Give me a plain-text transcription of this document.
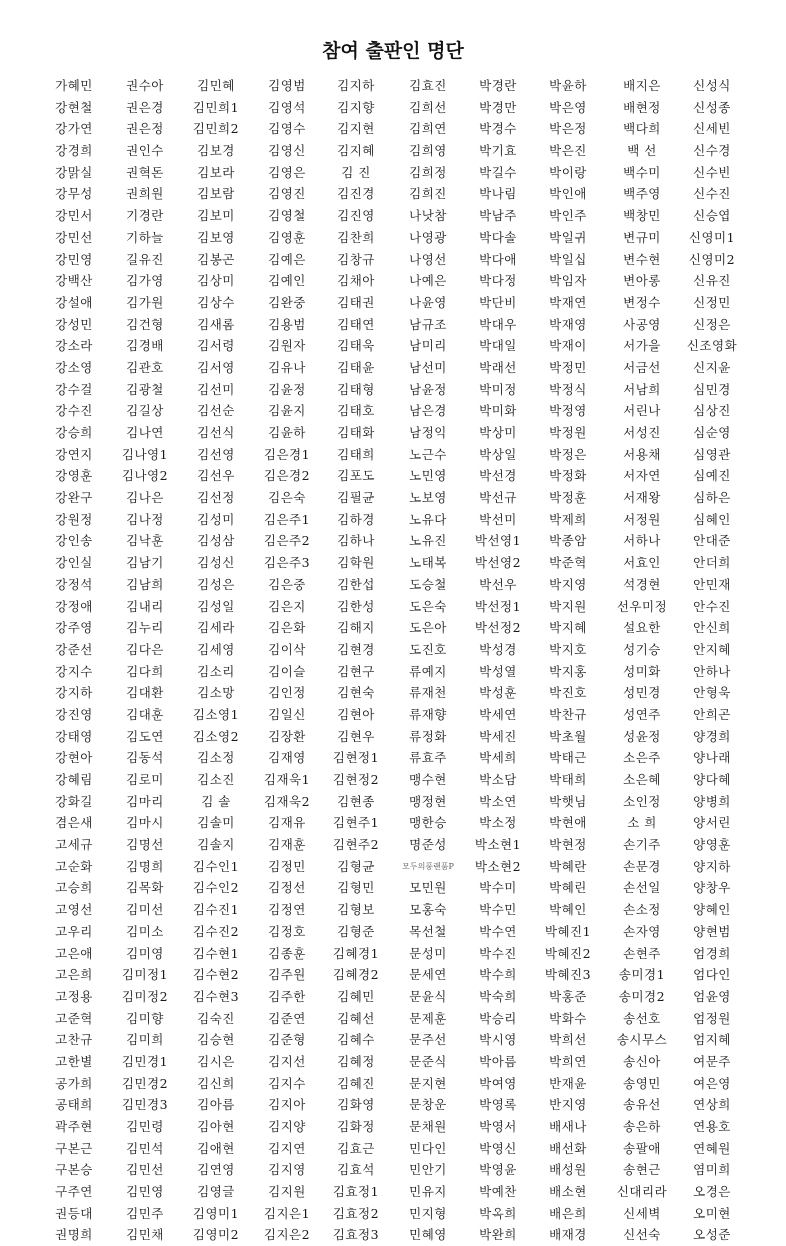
참여 출판인 명단
가혜민	권수아	김민혜	김영범	김지하	김효진	박경란	박윤하	배지은	신성식
강현철	권은경	김민희1	김영석	김지향	김희선	박경만	박은영	배현정	신성종
강가연	권은정	김민희2	김영수	김지현	김희연	박경수	박은정	백다희	신세빈
강경희	권인수	김보경	김영신	김지혜	김희영	박기효	박은진	백 선	신수경
강맑실	권혁돈	김보라	김영은	김 진	김희정	박길수	박이랑	백수미	신수빈
강무성	권희원	김보람	김영진	김진경	김희진	박나림	박인애	백주영	신수진
강민서	기경란	김보미	김영철	김진영	나낫참	박남주	박인주	백창민	신승엽
강민선	기하늘	김보영	김영훈	김찬희	나영광	박다솔	박일귀	변규미	신영미1
강민영	길유진	김봉곤	김예은	김창규	나영선	박다애	박일십	변수현	신영미2
강백산	김가영	김상미	김예인	김채아	나예은	박다정	박임자	변아롱	신유진
강설애	김가원	김상수	김완중	김태권	나윤영	박단비	박재연	변정수	신정민
강성민	김건형	김새롬	김용범	김태연	남규조	박대우	박재영	사공영	신정은
강소라	김경배	김서령	김원자	김태욱	남미리	박대일	박재이	서가을	신조영화
강소영	김관호	김서영	김유나	김태윤	남선미	박래선	박정민	서금선	신지윤
강수걸	김광철	김선미	김윤정	김태형	남윤정	박미정	박정식	서남희	심민경
강수진	김길상	김선순	김윤지	김태호	남은경	박미화	박정영	서린나	심상진
강승희	김나연	김선식	김윤하	김태화	남정익	박상미	박정원	서성진	심순영
강연지	김나영1	김선영	김은경1	김태희	노근수	박상일	박정은	서용채	심영관
강영훈	김나영2	김선우	김은경2	김포도	노민영	박선경	박정화	서자연	심예진
강완구	김나은	김선정	김은숙	김필균	노보영	박선규	박정훈	서재왕	심하은
강원정	김나정	김성미	김은주1	김하경	노유다	박선미	박제희	서정원	심혜인
강인송	김낙훈	김성삼	김은주2	김하나	노유진	박선영1	박종암	서하나	안대준
강인실	김남기	김성신	김은주3	김학원	노태복	박선영2	박준혁	서효인	안더희
강정석	김남희	김성은	김은중	김한섭	도승철	박선우	박지영	석경현	안민재
강정애	김내리	김성일	김은지	김한성	도은숙	박선정1	박지원	선우미정	안수진
강주영	김누리	김세라	김은화	김해지	도은아	박선정2	박지혜	설요한	안신희
강준선	김다은	김세영	김이삭	김현경	도진호	박성경	박지호	성기승	안지혜
강지수	김다희	김소리	김이슬	김현구	류예지	박성열	박지홍	성미화	안하나
강지하	김대환	김소망	김인정	김현숙	류재천	박성훈	박진호	성민경	안형욱
강진영	김대훈	김소영1	김일신	김현아	류재향	박세연	박찬규	성연주	안희곤
강태영	김도연	김소영2	김장환	김현우	류정화	박세진	박초월	성윤정	양경희
강현아	김동석	김소정	김재영	김현정1	류효주	박세희	박태근	소은주	양나래
강혜림	김로미	김소진	김재욱1	김현정2	맹수현	박소담	박태희	소은혜	양다혜
강화길	김마리	김 솔	김재욱2	김현종	맹정현	박소연	박햇님	소인정	양병희
겸은새	김마시	김솔미	김재유	김현주1	맹한승	박소정	박현애	소 희	양서린
고세규	김명선	김솔지	김재훈	김현주2	명준성	박소현1	박현정	손기주	양영훈
고순화	김명희	김수인1	김정민	김형균	모두의풍랜품P	박소현2	박혜란	손문경	양지하
고승희	김목화	김수인2	김정선	김형민	모민원	박수미	박혜린	손선일	양창우
고영선	김미선	김수진1	김정연	김형보	모홍숙	박수민	박혜인	손소정	양혜인
고우리	김미소	김수진2	김정호	김형준	목선철	박수연	박혜진1	손자영	양현범
고은애	김미영	김수현1	김종훈	김혜경1	문성미	박수진	박혜진2	손현주	엄경희
고은희	김미정1	김수현2	김주원	김혜경2	문세연	박수희	박혜진3	송미경1	엄다인
고정용	김미정2	김수현3	김주한	김혜민	문윤식	박숙희	박홍준	송미경2	엄윤영
고준혁	김미향	김숙진	김준연	김혜선	문제훈	박승리	박화수	송선호	엄정원
고찬규	김미희	김승현	김준형	김혜수	문주선	박시영	박희선	송시무스	엄지혜
고한별	김민경1	김시은	김지선	김혜정	문준식	박아름	박희연	송신아	여문주
공가희	김민경2	김신희	김지수	김혜진	문지현	박여영	반재윤	송영민	여은영
공태희	김민경3	김아름	김지아	김화영	문창운	박영록	반지영	송유선	연상희
곽주현	김민령	김아현	김지양	김화정	문채원	박영서	배새나	송은하	연용호
구본근	김민석	김애현	김지연	김효근	민다인	박영신	배선화	송팔애	연혜원
구본승	김민선	김연영	김지영	김효석	민안기	박영윤	배성원	송현근	염미희
구주연	김민영	김영글	김지원	김효정1	민유지	박예찬	배소현	신대리라	오경은
권등대	김민주	김영미1	김지은1	김효정2	민지형	박옥희	배은희	신세벽	오미현
권명희	김민채	김영미2	김지은2	김효정3	민혜영	박완희	배재경	신선숙	오성준
